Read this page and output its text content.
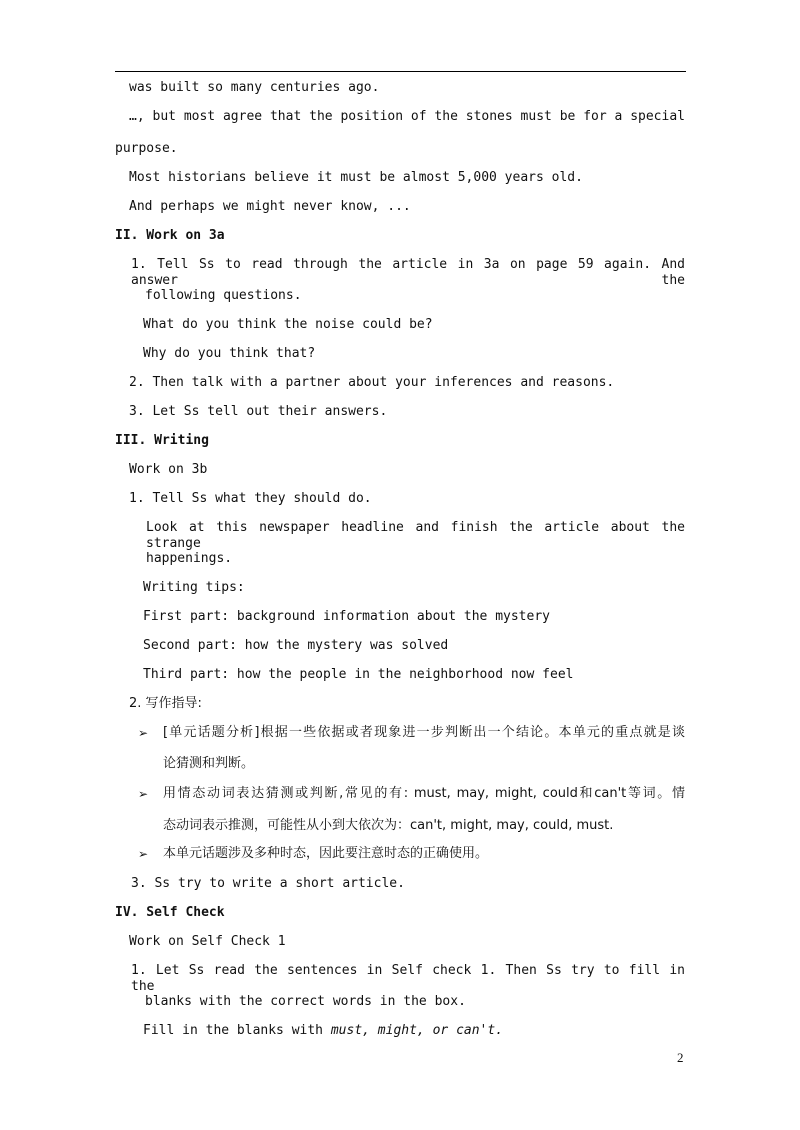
was built so many centuries ago.
…, but most agree that the position of the stones must be for a special
purpose.
Most historians believe it must be almost 5,000 years old.
And perhaps we might never know, ...
II. Work on 3a
1. Tell Ss to read through the article in 3a on page 59 again. And answer the
following questions.
What do you think the noise could be?
Why do you think that?
2. Then talk with a partner about your inferences and reasons.
3. Let Ss tell out their answers.
III. Writing
Work on 3b
1. Tell Ss what they should do.
Look at this newspaper headline and finish the article about the strange
happenings.
Writing tips:
First part: background information about the mystery
Second part: how the mystery was solved
Third part: how the people in the neighborhood now feel
2. 写作指导:
➢ [单元话题分析]根据一些依据或者现象进一步判断出一个结论。本单元的重点就是谈
论猜测和判断。
➢ 用情态动词表达猜测或判断,常见的有: must, may, might, could和can't等词。情
态动词表示推测，可能性从小到大依次为：can't, might, may, could, must.
➢ 本单元话题涉及多种时态，因此要注意时态的正确使用。
3. Ss try to write a short article.
IV. Self Check
Work on Self Check 1
1. Let Ss read the sentences in Self check 1. Then Ss try to fill in the
blanks with the correct words in the box.
Fill in the blanks with must, might, or can't.
2
